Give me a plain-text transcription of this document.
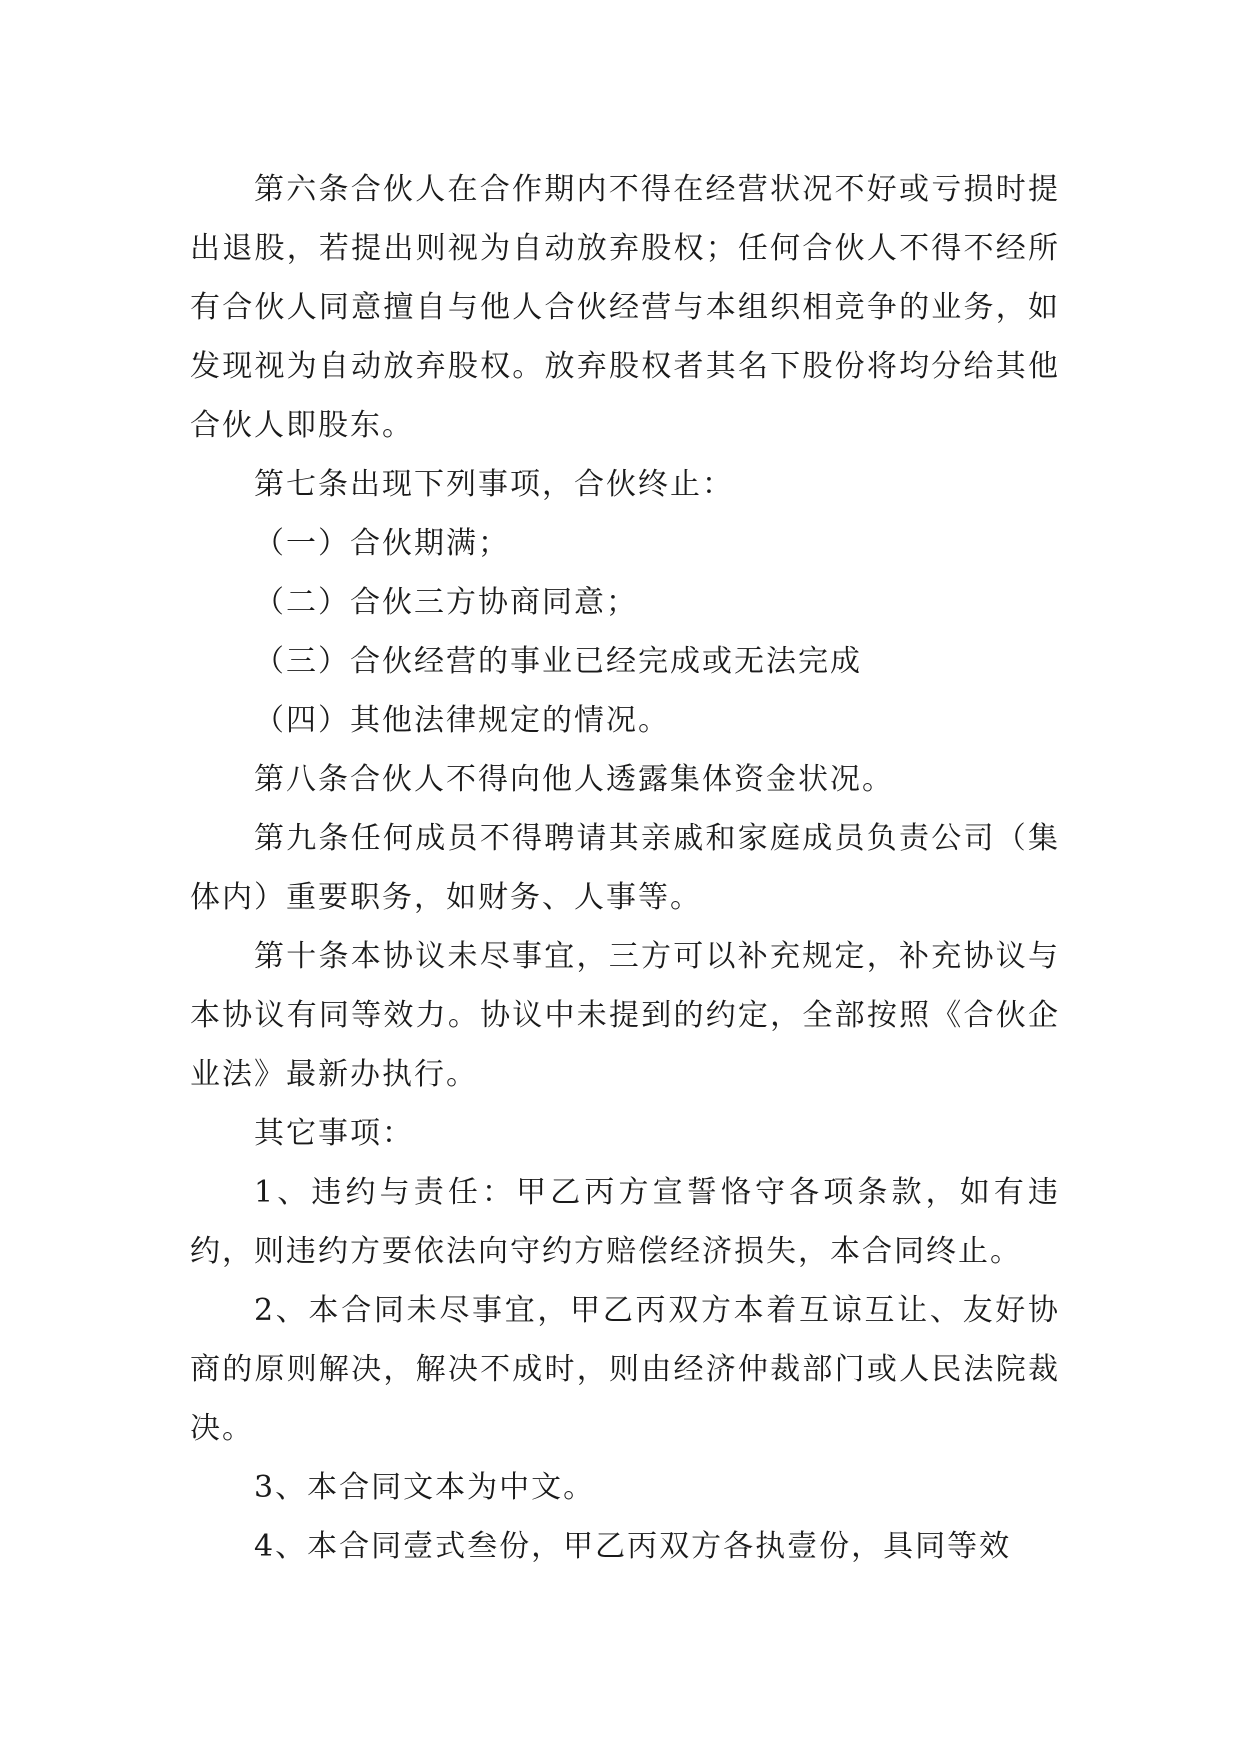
第六条合伙人在合作期内不得在经营状况不好或亏损时提出退股，若提出则视为自动放弃股权；任何合伙人不得不经所有合伙人同意擅自与他人合伙经营与本组织相竞争的业务，如发现视为自动放弃股权。放弃股权者其名下股份将均分给其他合伙人即股东。

第七条出现下列事项，合伙终止：

（一）合伙期满；

（二）合伙三方协商同意；

（三）合伙经营的事业已经完成或无法完成

（四）其他法律规定的情况。

第八条合伙人不得向他人透露集体资金状况。

第九条任何成员不得聘请其亲戚和家庭成员负责公司（集体内）重要职务，如财务、人事等。

第十条本协议未尽事宜，三方可以补充规定，补充协议与本协议有同等效力。协议中未提到的约定，全部按照《合伙企业法》最新办执行。

其它事项：

1、违约与责任：甲乙丙方宣誓恪守各项条款，如有违约，则违约方要依法向守约方赔偿经济损失，本合同终止。

2、本合同未尽事宜，甲乙丙双方本着互谅互让、友好协商的原则解决，解决不成时，则由经济仲裁部门或人民法院裁决。

3、本合同文本为中文。

4、本合同壹式叁份，甲乙丙双方各执壹份，具同等效
